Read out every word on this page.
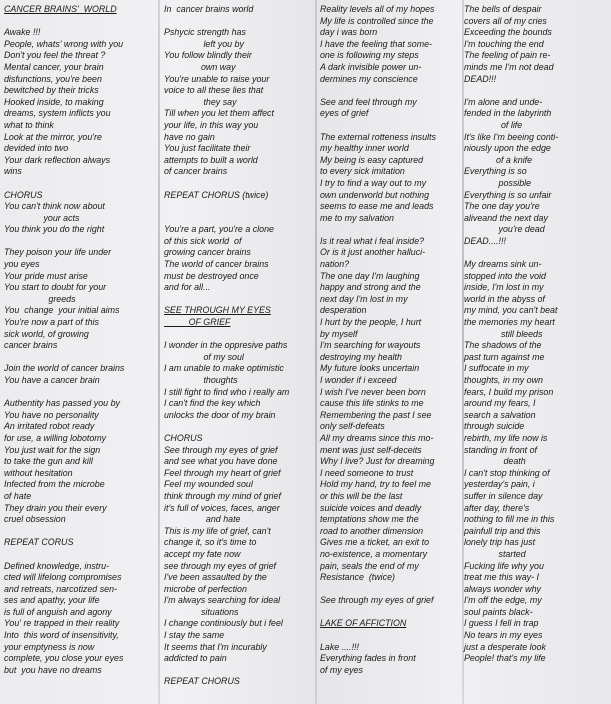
CANCER BRAINS'  WORLD
Awake !!!
People, whats' wrong with you
Don't you feel the threat ?
Mental cancer, your brain
disfunctions, you're been
bewitched by their tricks
Hooked inside, to making
dreams, system inflicts you
what to think
Look at the mirror, you're
devided into two
Your dark reflection always
wins
CHORUS
You can't think now about
your acts
You think you do the right
They poison your life under
you eyes
Your pride must arise
You start to doubt for your
greeds
You  change  your initial aims
You're now a part of this
sick world, of growing
cancer brains
Join the world of cancer brains
You have a cancer brain
Authentity has passed you by
You have no personality
An irritated robot ready
for use, a willing lobotomy
You just wait for the sign
to take the gun and kill
without hesitation
Infected from the microbe
of hate
They drain you their every
cruel obsession
REPEAT CORUS
Defined knowledge, instru-
cted will lifelong compromises
and retreats, narcotized sen-
ses and apathy, your life
is full of anguish and agony
You' re trapped in their reality
Into  this word of insensitivity,
your emptyness is now
complete, you close your eyes
but  you have no dreams
In  cancer brains world
Pshycic strength has
left you by
You follow blindly their
own way
You're unable to raise your
voice to all these lies that
they say
Till when you let them affect
your life, in this way you
have no gain
You just facilitate their
attempts to built a world
of cancer brains
REPEAT CHORUS (twice)
You're a part, you're a clone
of this sick world  of
growing cancer brains
The world of cancer brains
must be destroyed once
and for all...
SEE THROUGH MY EYES
OF GRIEF
I wonder in the oppresive paths
of my soul
I am unable to make optimistic
thoughts
I still fight to find who i really am
I can't find the key which
unlocks the door of my brain
CHORUS
See through my eyes of grief
and see what you have done
Feel through my heart of grief
Feel my wounded soul
think through my mind of grief
it's full of voices, faces, anger
and hate
This is my life of grief, can't
change it, so it's time to
accept my fate now
see through my eyes of grief
I've been assaulted by the
microbe of perfection
I'm always searching for ideal
situations
I change continiously but i feel
I stay the same
It seems that I'm incurably
addicted to pain
REPEAT CHORUS
Reality levels all of my hopes
My life is controlled since the
day i was born
I have the feeling that some-
one is following my steps
A dark invisible power un-
dermines my conscience
See and feel through my
eyes of grief
The external rotteness insults
my healthy inner world
My being is easy captured
to every sick imitation
I try to find a way out to my
own underworld but nothing
seems to ease me and leads
me to my salvation
Is it real what i feal inside?
Or is it just another halluci-
nation?
The one day I'm laughing
happy and strong and the
next day I'm lost in my
desperation
I hurt by the people, I hurt
by myself
I'm searching for wayouts
destroying my health
My future looks uncertain
I wonder if i exceed
I wish I've never been born
cause this life stinks to me
Remembering the past I see
only self-defeats
All my dreams since this mo-
ment was just self-deceits
Why I live? Just for dreaming
I need someone to trust
Hold my hand, try to feel me
or this will be the last
suicide voices and deadly
temptations show me the
road to another dimension
Gives me a ticket, an exit to
no-existence, a momentary
pain, seals the end of my
Resistance  (twice)
See through my eyes of grief
LAKE OF AFFICTION
Lake ....!!!
Everything fades in front
of my eyes
The bells of despair
covers all of my cries
Exceeding the bounds
I'm touching the end
The feeling of pain re-
minds me I'm not dead
DEAD!!!
I'm alone and unde-
fended in the labyrinth
of life
It's like I'm beeing conti-
niously upon the edge
of a knife
Everything is so
possible
Everything is so unfair
The one day you're
aliveand the next day
you're dead
DEAD....!!!
My dreams sink un-
stopped into the void
inside, I'm lost in my
world in the abyss of
my mind, you can't beat
the memories my heart
still bleeds
The shadows of the
past turn against me
I suffocate in my
thoughts, in my own
fears, I build my prison
around my fears, I
search a salvation
through suicide
rebirth, my life now is
standing in front of
death
I can't stop thinking of
yesterday's pain, i
suffer in silence day
after day, there's
nothing to fill me in this
painfull trip and this
lonely trip has just
started
Fucking life why you
treat me this way- I
always wonder why
I'm off the edge, my
soul paints black-
I guess I fell in trap
No tears in my eyes
just a desperate look
People! that's my life
